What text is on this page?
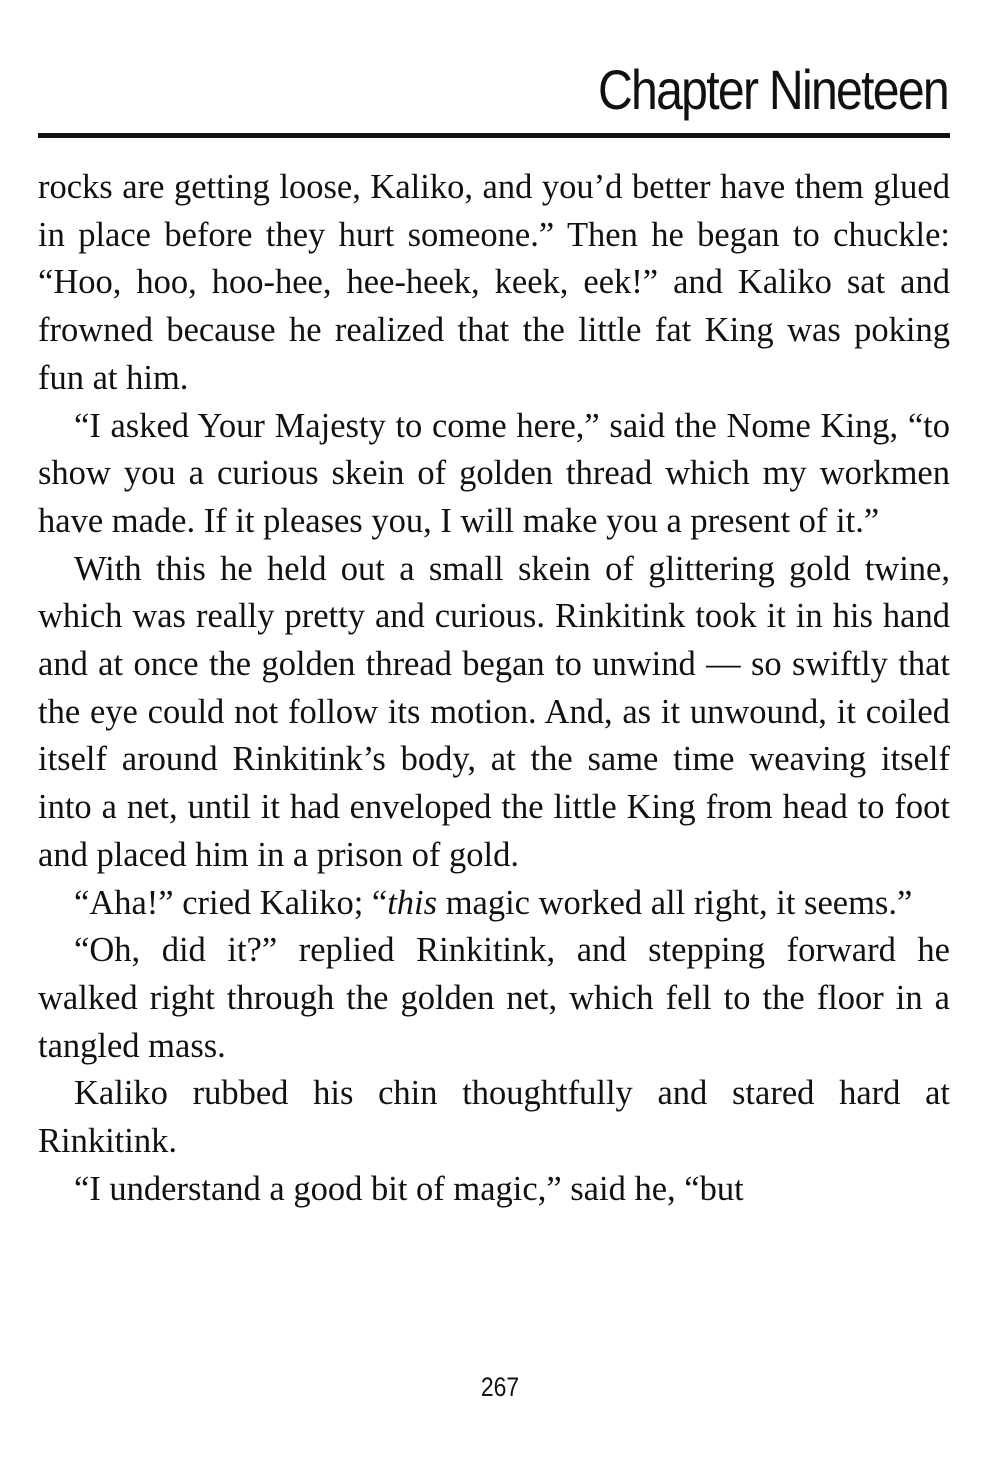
Chapter Nineteen

rocks are getting loose, Kaliko, and you’d better have them glued in place before they hurt someone.” Then he began to chuckle: “Hoo, hoo, hoo-hee, hee-heek, keek, eek!” and Kaliko sat and frowned because he realized that the little fat King was poking fun at him.

“I asked Your Majesty to come here,” said the Nome King, “to show you a curious skein of golden thread which my workmen have made. If it pleases you, I will make you a present of it.”

With this he held out a small skein of glittering gold twine, which was really pretty and curious. Rinkitink took it in his hand and at once the golden thread began to unwind — so swiftly that the eye could not follow its motion. And, as it unwound, it coiled itself around Rinkitink’s body, at the same time weaving itself into a net, until it had enveloped the little King from head to foot and placed him in a prison of gold.

“Aha!” cried Kaliko; “this magic worked all right, it seems.”

“Oh, did it?” replied Rinkitink, and stepping forward he walked right through the golden net, which fell to the floor in a tangled mass.

Kaliko rubbed his chin thoughtfully and stared hard at Rinkitink.

“I understand a good bit of magic,” said he, “but

267
